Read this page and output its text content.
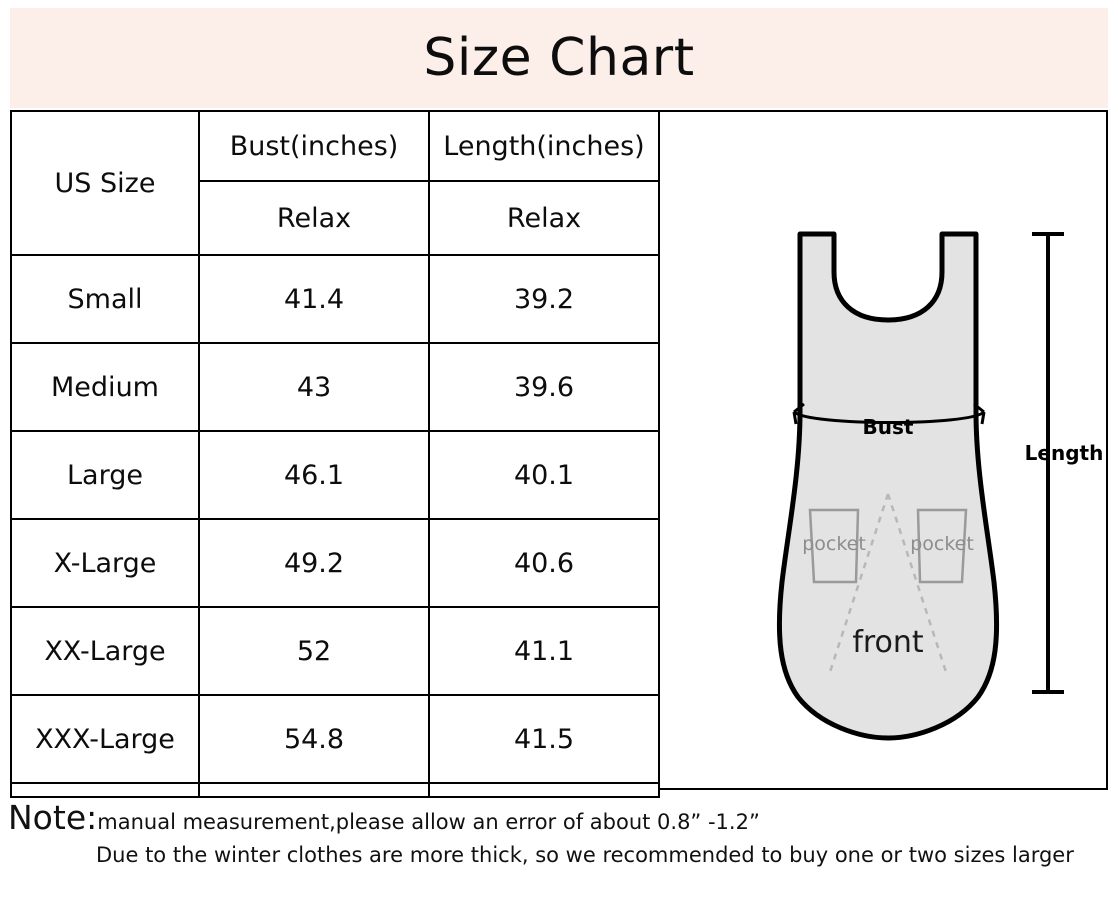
Size Chart
US Size	Bust(inches)	Length(inches)
	Relax	Relax
Small	41.4	39.2
Medium	43	39.6
Large	46.1	40.1
X-Large	49.2	40.6
XX-Large	52	41.1
XXX-Large	54.8	41.5

Bust
pocket pocket
front
Length
Note: manual measurement,please allow an error of about 0.8” -1.2”
Due to the winter clothes are more thick, so we recommended to buy one or two sizes larger
